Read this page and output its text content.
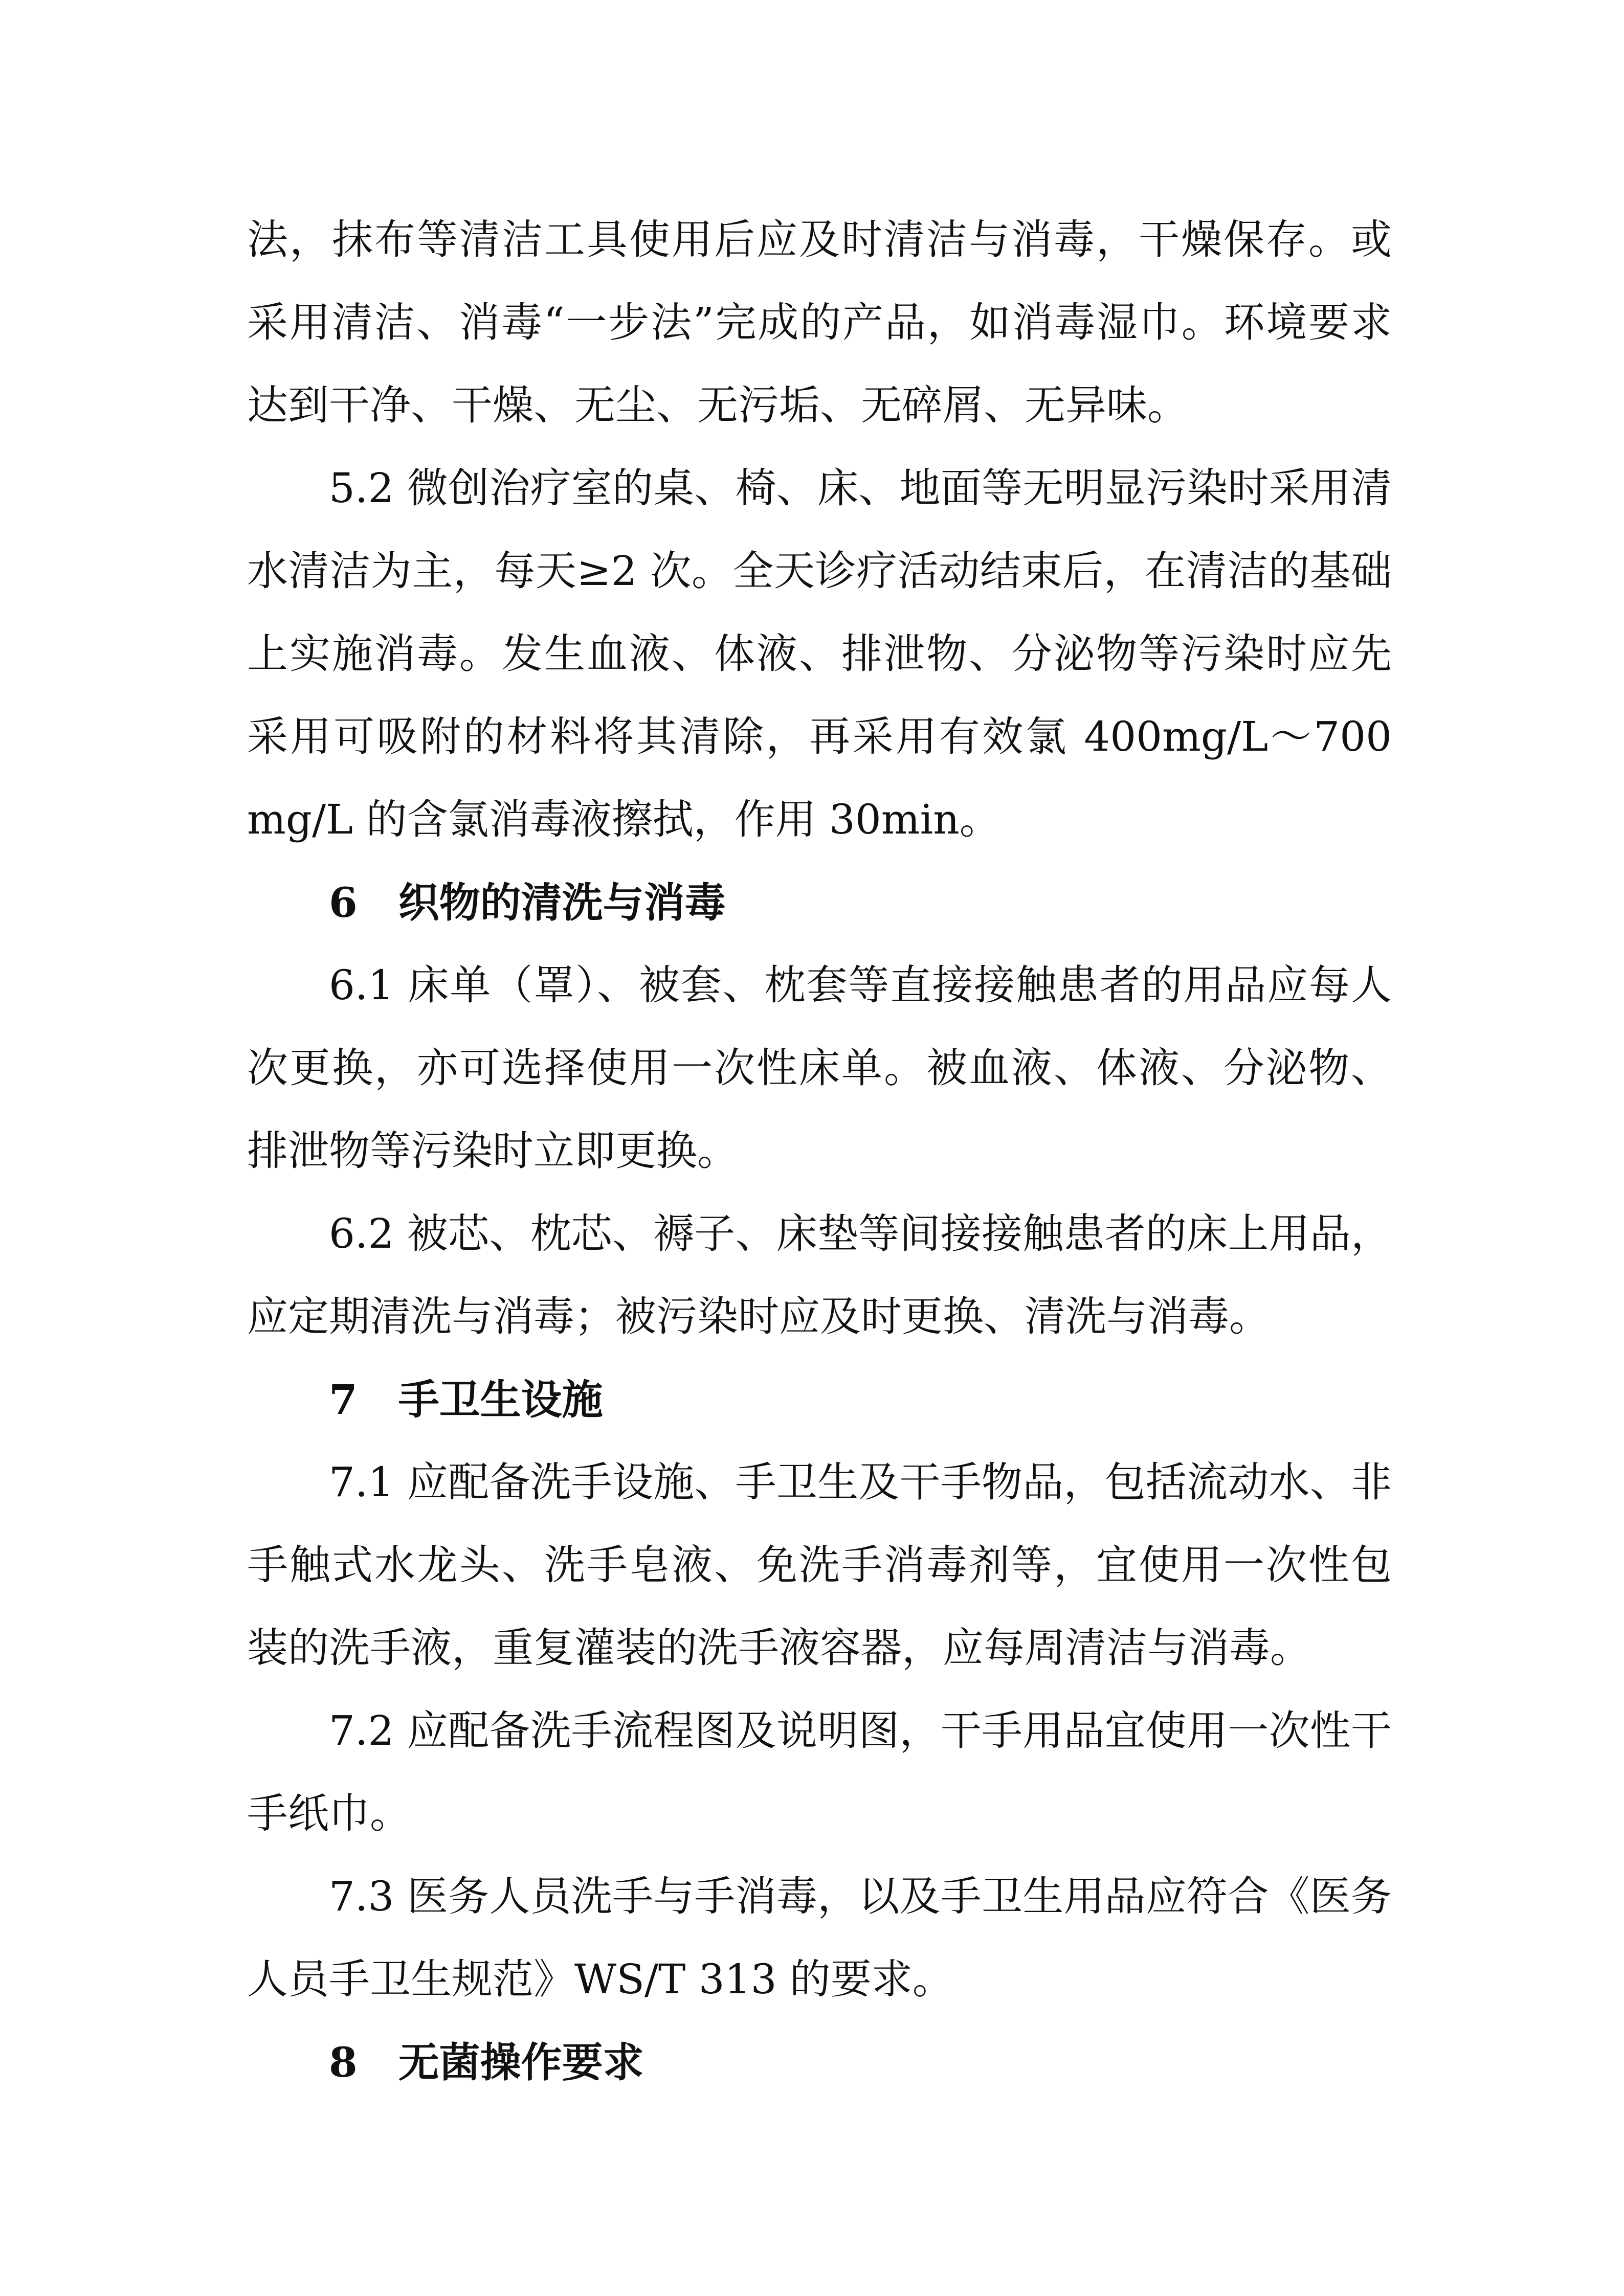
法，抹布等清洁工具使用后应及时清洁与消毒，干燥保存。或采用清洁、消毒“一步法”完成的产品，如消毒湿巾。环境要求达到干净、干燥、无尘、无污垢、无碎屑、无异味。

5.2 微创治疗室的桌、椅、床、地面等无明显污染时采用清水清洁为主，每天≥2 次。全天诊疗活动结束后，在清洁的基础上实施消毒。发生血液、体液、排泄物、分泌物等污染时应先采用可吸附的材料将其清除，再采用有效氯 400mg/L～700 mg/L 的含氯消毒液擦拭，作用 30min。

6　织物的清洗与消毒

6.1 床单（罩）、被套、枕套等直接接触患者的用品应每人次更换，亦可选择使用一次性床单。被血液、体液、分泌物、排泄物等污染时立即更换。

6.2 被芯、枕芯、褥子、床垫等间接接触患者的床上用品，应定期清洗与消毒；被污染时应及时更换、清洗与消毒。

7　手卫生设施

7.1 应配备洗手设施、手卫生及干手物品，包括流动水、非手触式水龙头、洗手皂液、免洗手消毒剂等，宜使用一次性包装的洗手液，重复灌装的洗手液容器，应每周清洁与消毒。

7.2 应配备洗手流程图及说明图，干手用品宜使用一次性干手纸巾。

7.3 医务人员洗手与手消毒，以及手卫生用品应符合《医务人员手卫生规范》WS/T 313 的要求。

8　无菌操作要求
